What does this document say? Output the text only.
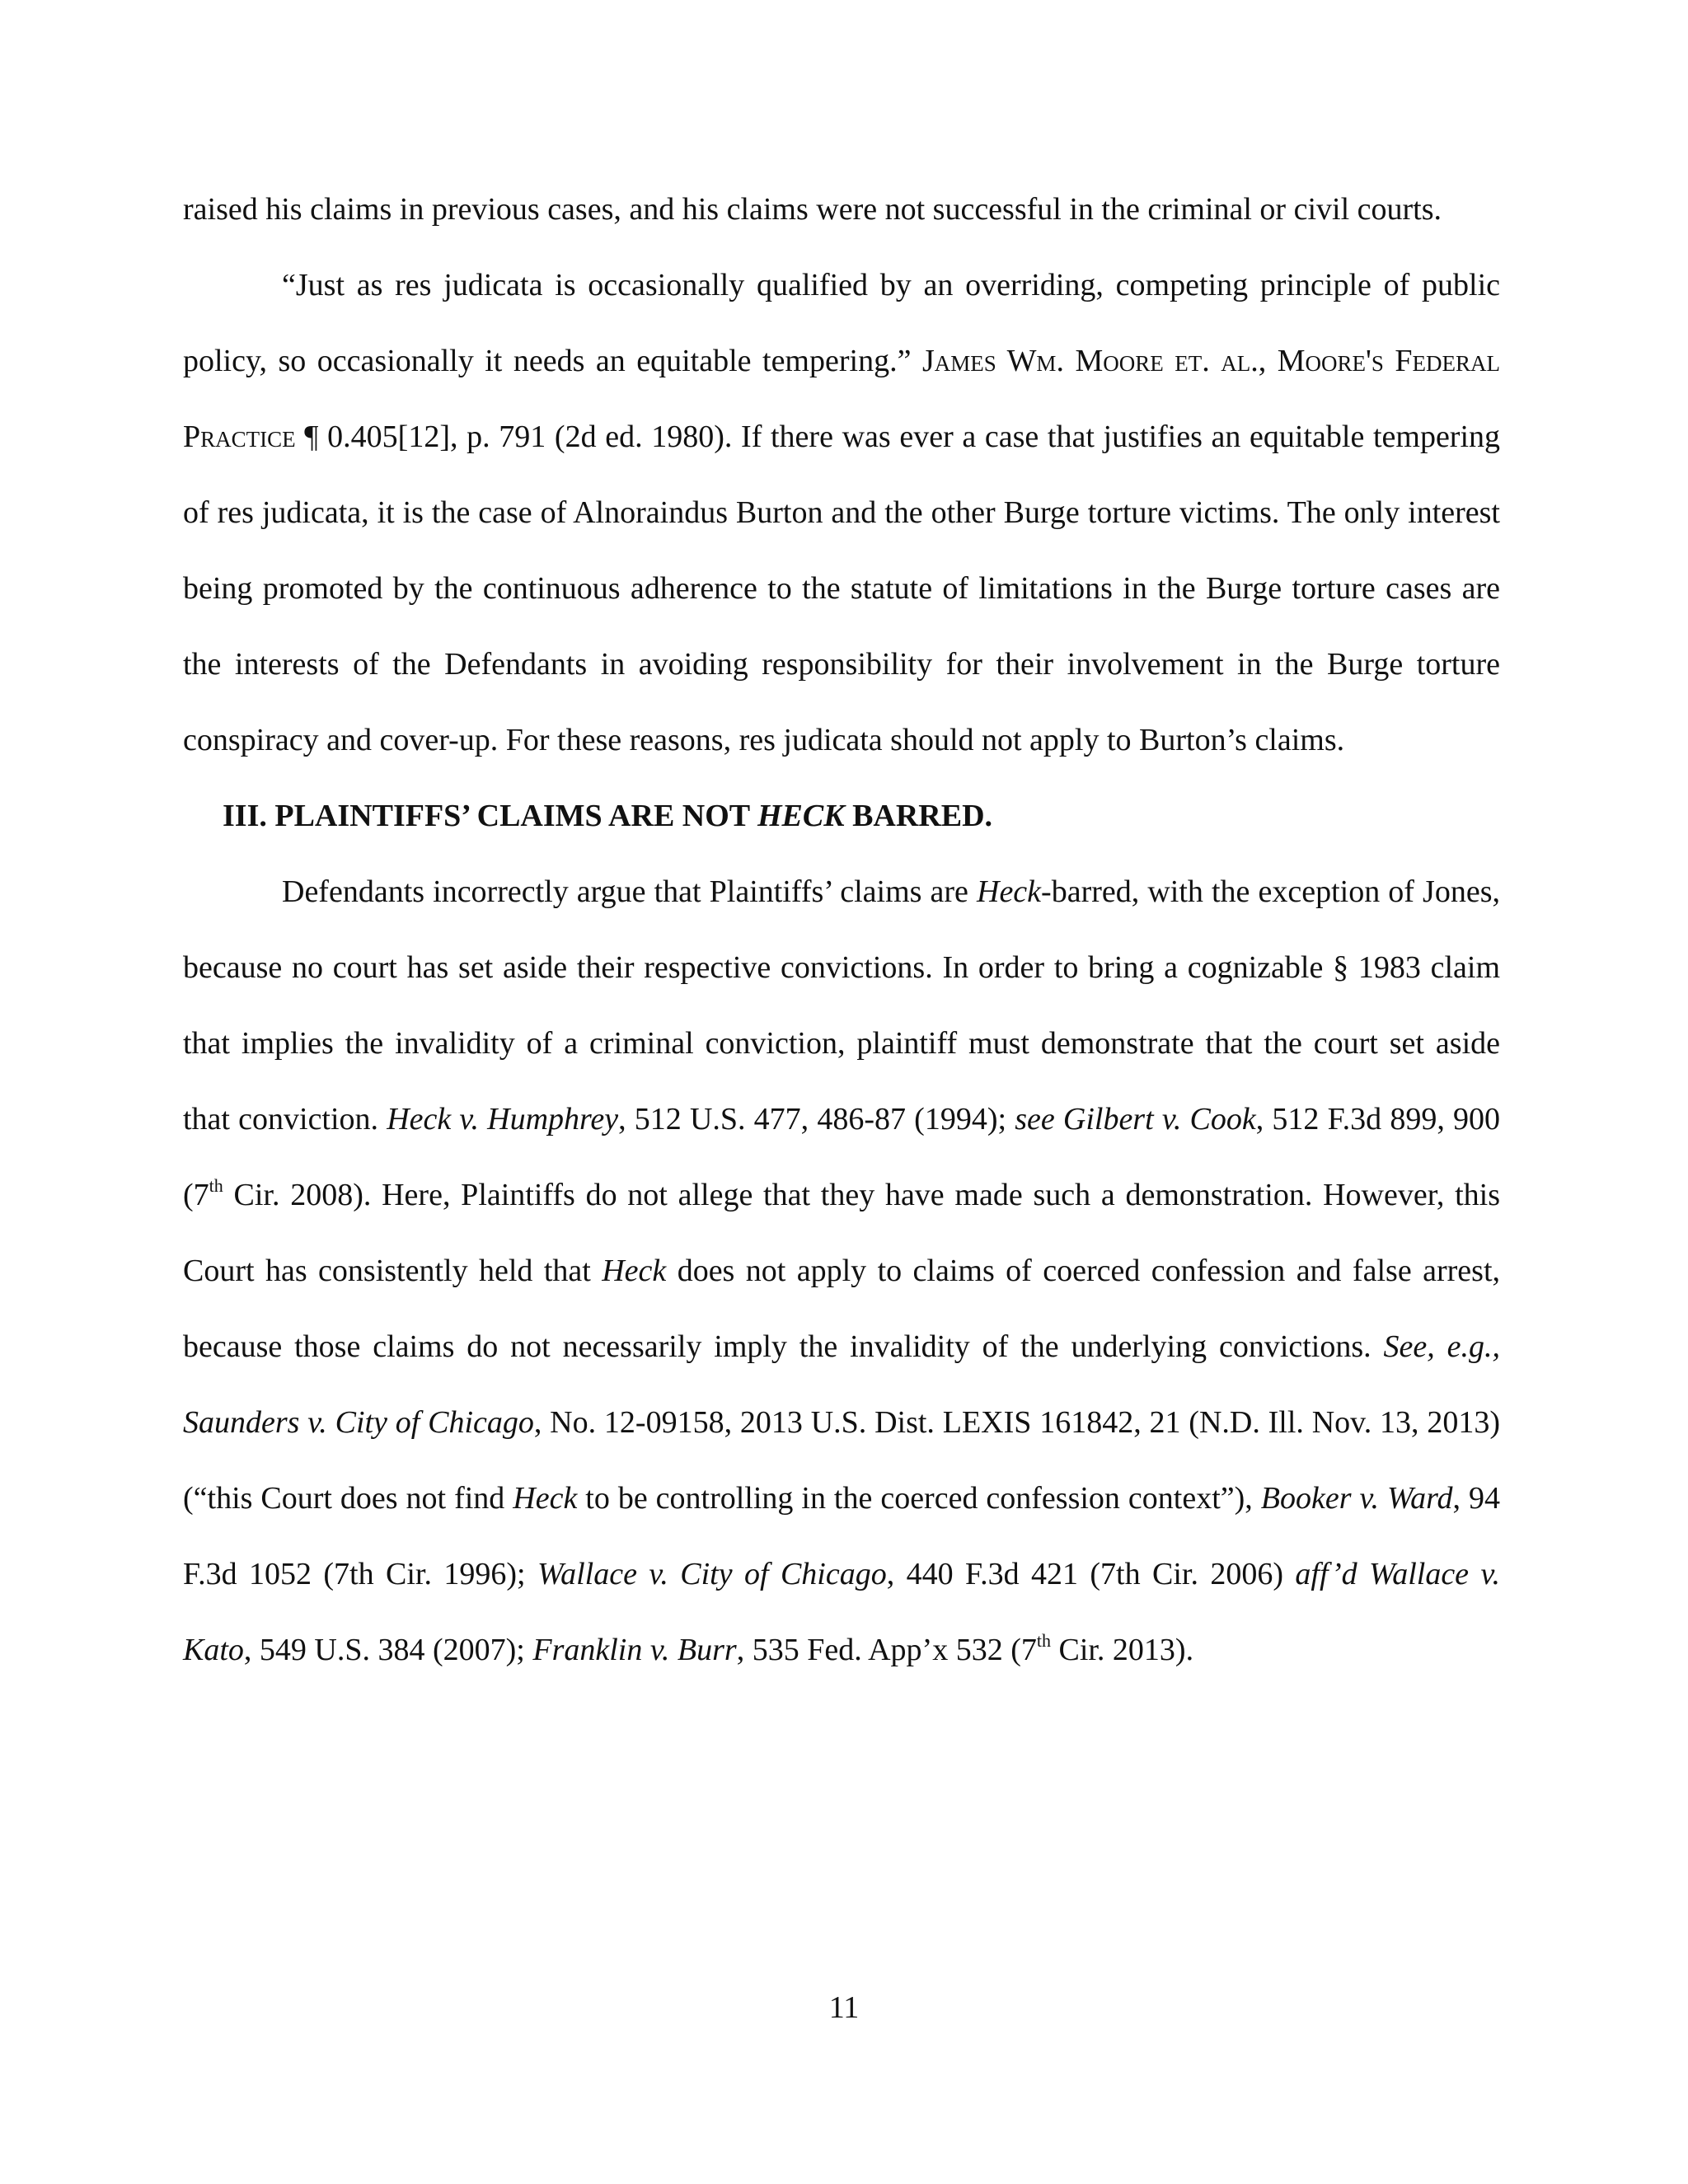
raised his claims in previous cases, and his claims were not successful in the criminal or civil courts.

“Just as res judicata is occasionally qualified by an overriding, competing principle of public policy, so occasionally it needs an equitable tempering.” James Wm. Moore et. al., Moore's Federal Practice ¶ 0.405[12], p. 791 (2d ed. 1980). If there was ever a case that justifies an equitable tempering of res judicata, it is the case of Alnoraindus Burton and the other Burge torture victims. The only interest being promoted by the continuous adherence to the statute of limitations in the Burge torture cases are the interests of the Defendants in avoiding responsibility for their involvement in the Burge torture conspiracy and cover-up. For these reasons, res judicata should not apply to Burton’s claims.

III. PLAINTIFFS’ CLAIMS ARE NOT HECK BARRED.

Defendants incorrectly argue that Plaintiffs’ claims are Heck-barred, with the exception of Jones, because no court has set aside their respective convictions. In order to bring a cognizable § 1983 claim that implies the invalidity of a criminal conviction, plaintiff must demonstrate that the court set aside that conviction. Heck v. Humphrey, 512 U.S. 477, 486-87 (1994); see Gilbert v. Cook, 512 F.3d 899, 900 (7th Cir. 2008). Here, Plaintiffs do not allege that they have made such a demonstration. However, this Court has consistently held that Heck does not apply to claims of coerced confession and false arrest, because those claims do not necessarily imply the invalidity of the underlying convictions. See, e.g., Saunders v. City of Chicago, No. 12-09158, 2013 U.S. Dist. LEXIS 161842, 21 (N.D. Ill. Nov. 13, 2013) (“this Court does not find Heck to be controlling in the coerced confession context”), Booker v. Ward, 94 F.3d 1052 (7th Cir. 1996); Wallace v. City of Chicago, 440 F.3d 421 (7th Cir. 2006) aff’d Wallace v. Kato, 549 U.S. 384 (2007); Franklin v. Burr, 535 Fed. App’x 532 (7th Cir. 2013).

11
